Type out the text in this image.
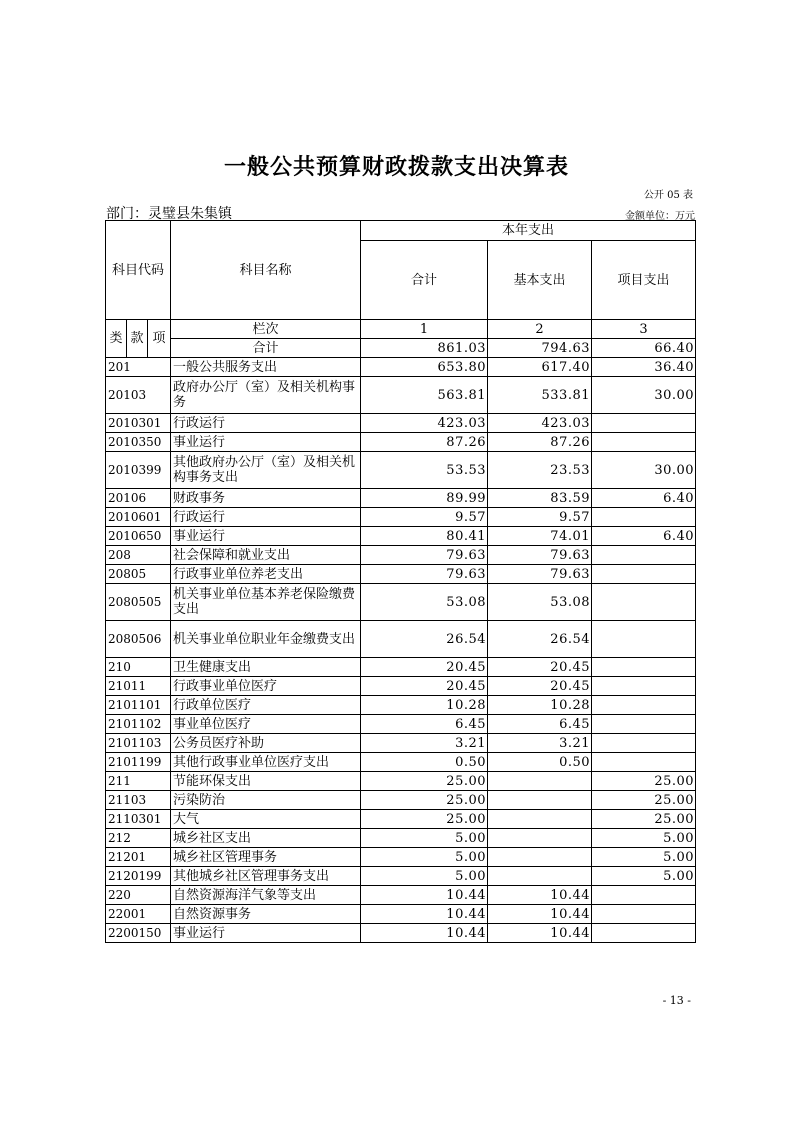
一般公共预算财政拨款支出决算表
公开 05 表
部门：灵璧县朱集镇	金额单位：万元
科目代码			科目名称	本年支出		
				合计	基本支出	项目支出
类	款	项	栏次	1	2	3
			合计	861.03	794.63	66.40
201			一般公共服务支出	653.80	617.40	36.40
20103			政府办公厅（室）及相关机构事务	563.81	533.81	30.00
2010301			行政运行	423.03	423.03	
2010350			事业运行	87.26	87.26	
2010399			其他政府办公厅（室）及相关机构事务支出	53.53	23.53	30.00
20106			财政事务	89.99	83.59	6.40
2010601			行政运行	9.57	9.57	
2010650			事业运行	80.41	74.01	6.40
208			社会保障和就业支出	79.63	79.63	
20805			行政事业单位养老支出	79.63	79.63	
2080505			机关事业单位基本养老保险缴费支出	53.08	53.08	
2080506			机关事业单位职业年金缴费支出	26.54	26.54	
210			卫生健康支出	20.45	20.45	
21011			行政事业单位医疗	20.45	20.45	
2101101			行政单位医疗	10.28	10.28	
2101102			事业单位医疗	6.45	6.45	
2101103			公务员医疗补助	3.21	3.21	
2101199			其他行政事业单位医疗支出	0.50	0.50	
211			节能环保支出	25.00		25.00
21103			污染防治	25.00		25.00
2110301			大气	25.00		25.00
212			城乡社区支出	5.00		5.00
21201			城乡社区管理事务	5.00		5.00
2120199			其他城乡社区管理事务支出	5.00		5.00
220			自然资源海洋气象等支出	10.44	10.44	
22001			自然资源事务	10.44	10.44	
2200150			事业运行	10.44	10.44	
- 13 -
